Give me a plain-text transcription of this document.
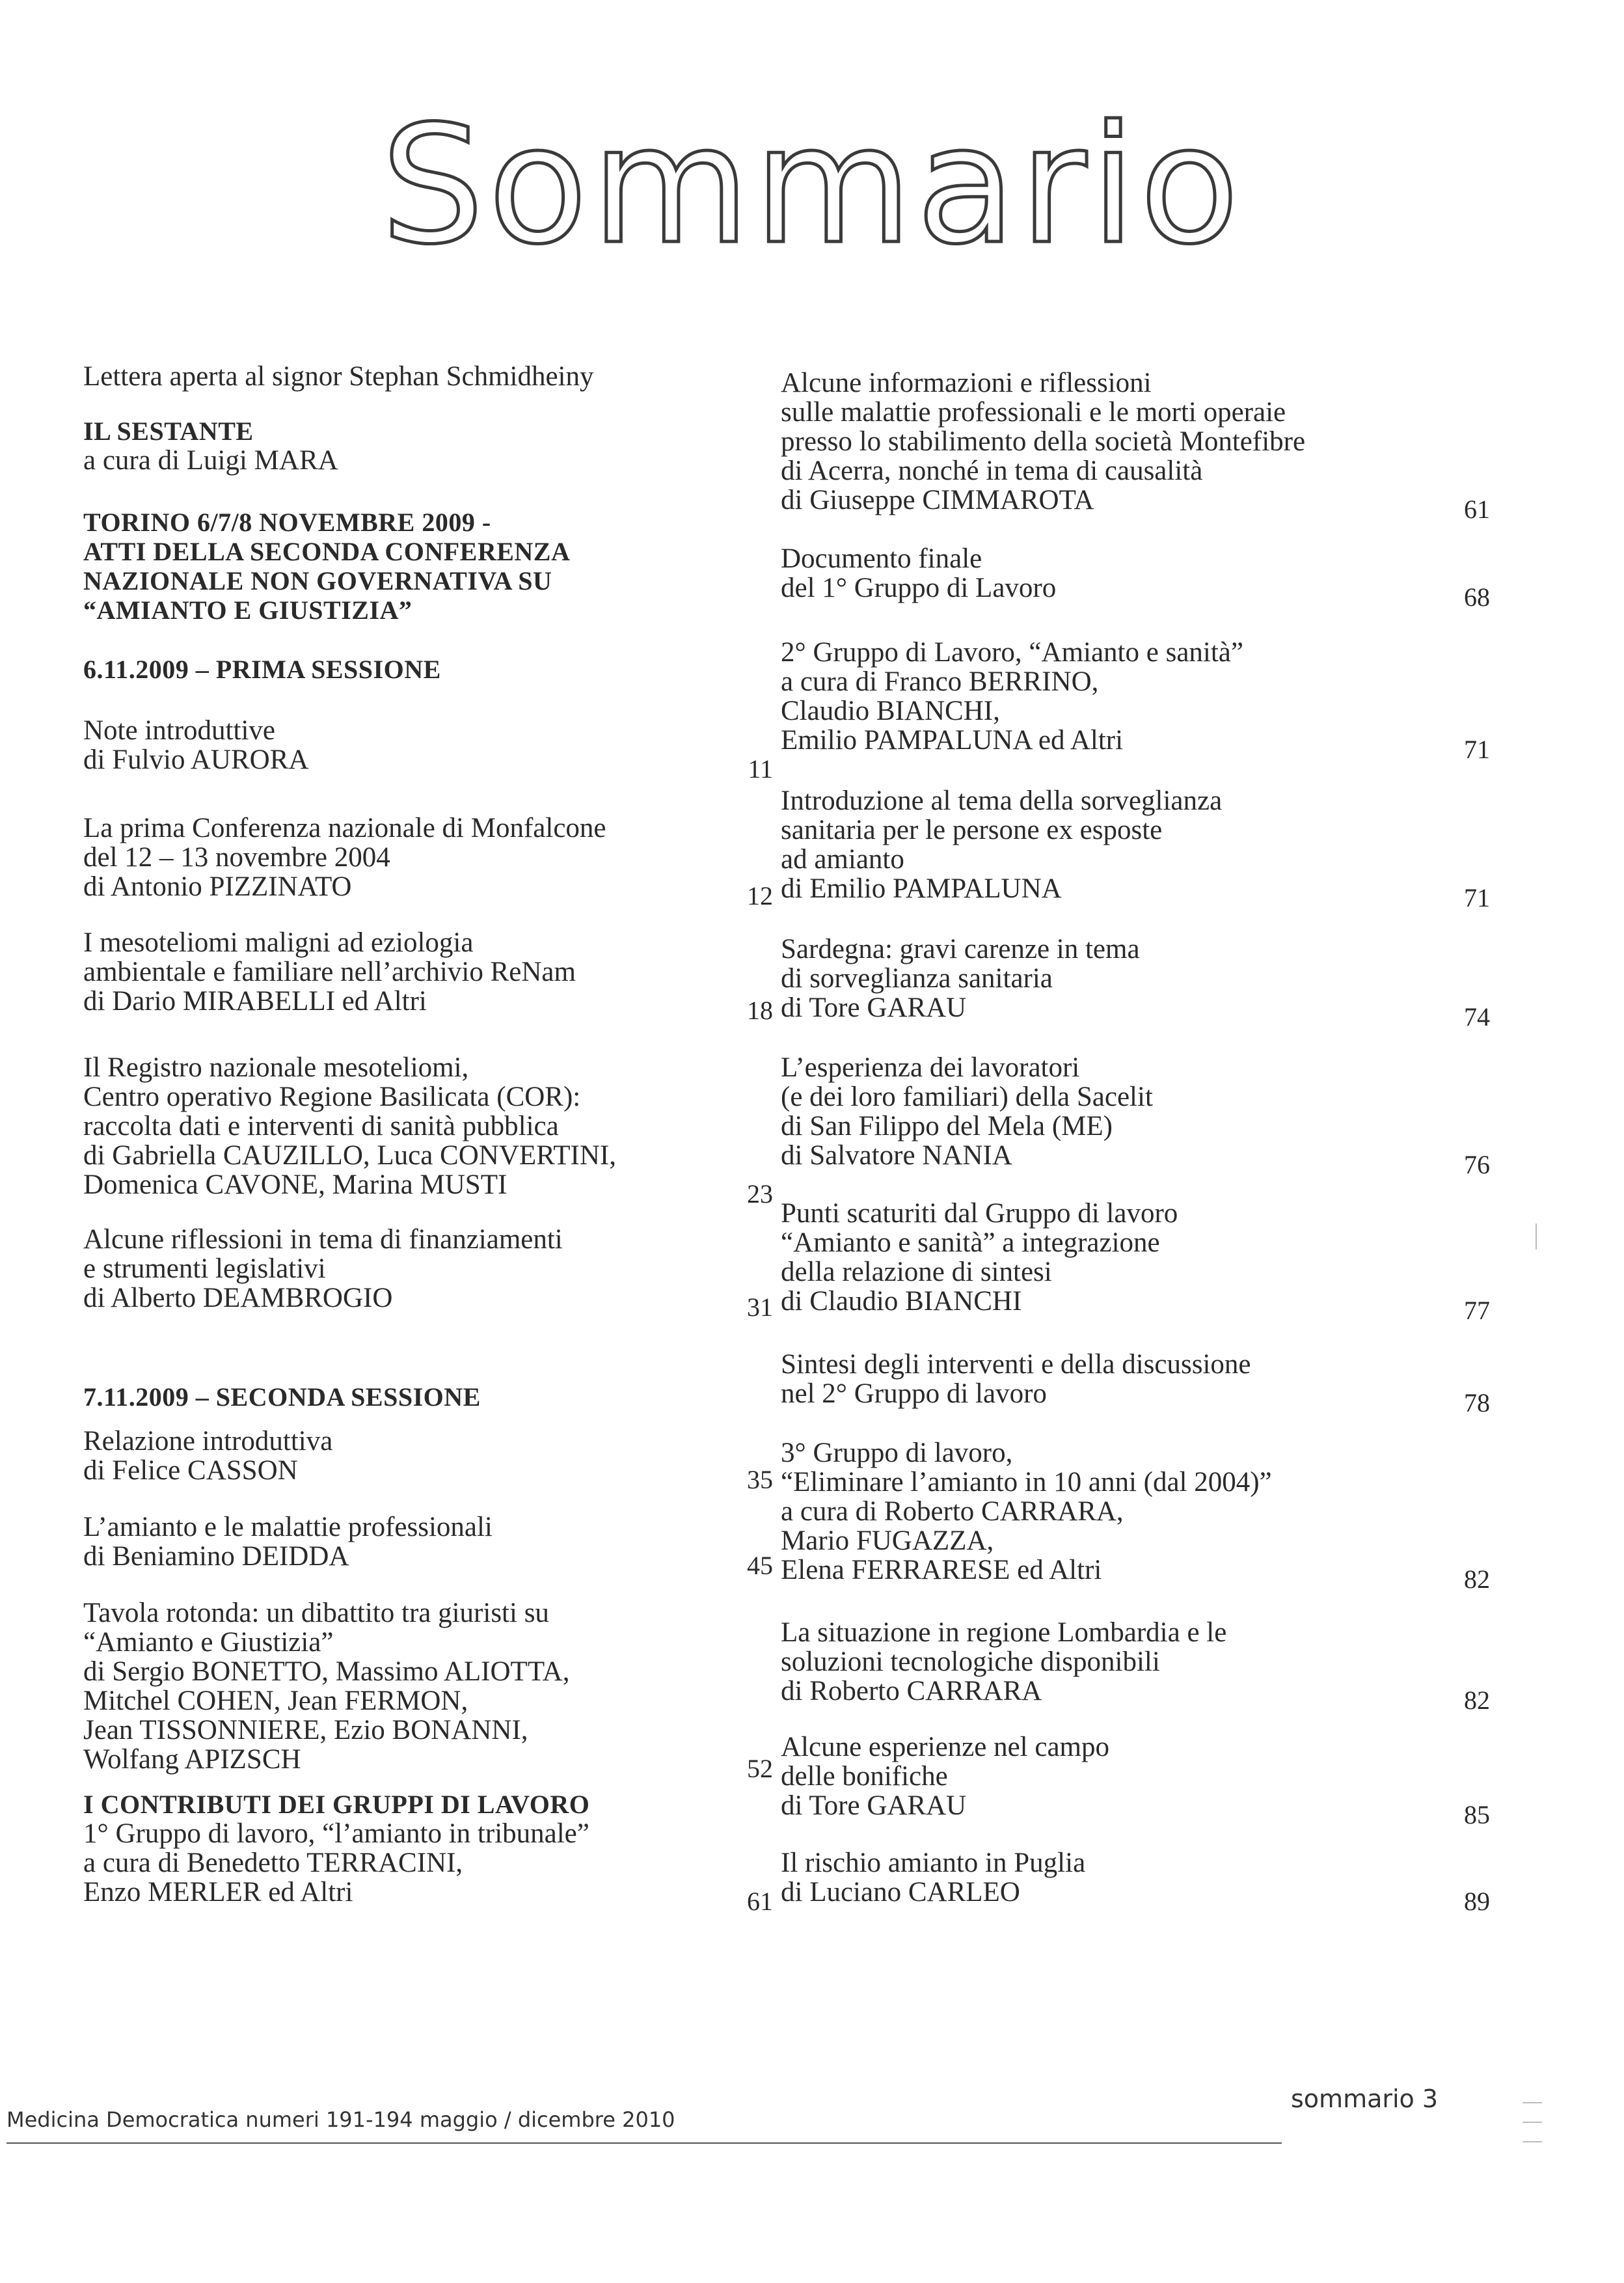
Sommario
Lettera aperta al signor Stephan Schmidheiny
IL SESTANTE
a cura di Luigi MARA
TORINO 6/7/8 NOVEMBRE 2009 -
ATTI DELLA SECONDA CONFERENZA
NAZIONALE NON GOVERNATIVA SU
“AMIANTO E GIUSTIZIA”
6.11.2009 – PRIMA SESSIONE
Note introduttive
di Fulvio AURORA	11
La prima Conferenza nazionale di Monfalcone
del 12 – 13 novembre 2004
di Antonio PIZZINATO	12
I mesoteliomi maligni ad eziologia
ambientale e familiare nell’archivio ReNam
di Dario MIRABELLI ed Altri	18
Il Registro nazionale mesoteliomi,
Centro operativo Regione Basilicata (COR):
raccolta dati e interventi di sanità pubblica
di Gabriella CAUZILLO, Luca CONVERTINI,
Domenica CAVONE, Marina MUSTI	23
Alcune riflessioni in tema di finanziamenti
e strumenti legislativi
di Alberto DEAMBROGIO	31
7.11.2009 – SECONDA SESSIONE
Relazione introduttiva
di Felice CASSON	35
L’amianto e le malattie professionali
di Beniamino DEIDDA	45
Tavola rotonda: un dibattito tra giuristi su
“Amianto e Giustizia”
di Sergio BONETTO, Massimo ALIOTTA,
Mitchel COHEN, Jean FERMON,
Jean TISSONNIERE, Ezio BONANNI,
Wolfang APIZSCH	52
I CONTRIBUTI DEI GRUPPI DI LAVORO
1° Gruppo di lavoro, “l’amianto in tribunale”
a cura di Benedetto TERRACINI,
Enzo MERLER ed Altri	61
Alcune informazioni e riflessioni
sulle malattie professionali e le morti operaie
presso lo stabilimento della società Montefibre
di Acerra, nonché in tema di causalità
di Giuseppe CIMMAROTA	61
Documento finale
del 1° Gruppo di Lavoro	68
2° Gruppo di Lavoro, “Amianto e sanità”
a cura di Franco BERRINO,
Claudio BIANCHI,
Emilio PAMPALUNA ed Altri	71
Introduzione al tema della sorveglianza
sanitaria per le persone ex esposte
ad amianto
di Emilio PAMPALUNA	71
Sardegna: gravi carenze in tema
di sorveglianza sanitaria
di Tore GARAU	74
L’esperienza dei lavoratori
(e dei loro familiari) della Sacelit
di San Filippo del Mela (ME)
di Salvatore NANIA	76
Punti scaturiti dal Gruppo di lavoro
“Amianto e sanità” a integrazione
della relazione di sintesi
di Claudio BIANCHI	77
Sintesi degli interventi e della discussione
nel 2° Gruppo di lavoro	78
3° Gruppo di lavoro,
“Eliminare l’amianto in 10 anni (dal 2004)”
a cura di Roberto CARRARA,
Mario FUGAZZA,
Elena FERRARESE ed Altri	82
La situazione in regione Lombardia e le
soluzioni tecnologiche disponibili
di Roberto CARRARA	82
Alcune esperienze nel campo
delle bonifiche
di Tore GARAU	85
Il rischio amianto in Puglia
di Luciano CARLEO	89
Medicina Democratica numeri 191-194 maggio / dicembre 2010
sommario 3
